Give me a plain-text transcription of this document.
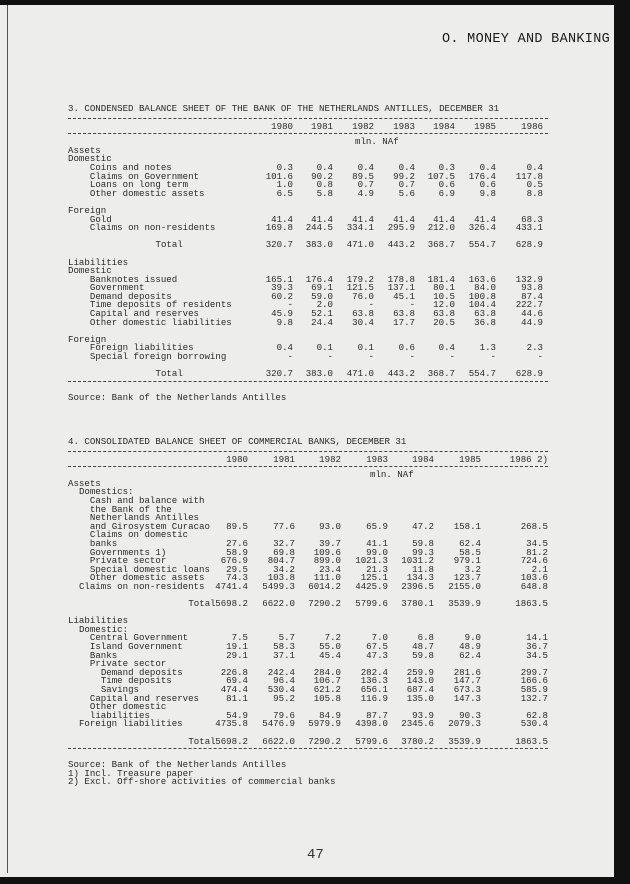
O. MONEY AND BANKING
3. CONDENSED BALANCE SHEET OF THE BANK OF THE NETHERLANDS ANTILLES, DECEMBER 31
1980	1981	1982	1983	1984	1985	1986

mln. NAf

Assets
Domestic
Coins and notes	0.3	0.4	0.4	0.4	0.3	0.4	0.4
Claims on Government	101.6	90.2	89.5	99.2	107.5	176.4	117.8
Loans on long term	1.0	0.8	0.7	0.7	0.6	0.6	0.5
Other domestic assets	6.5	5.8	4.9	5.6	6.9	9.8	8.8
Foreign
Gold	41.4	41.4	41.4	41.4	41.4	41.4	68.3
Claims on non-residents	169.8	244.5	334.1	295.9	212.0	326.4	433.1
Total	320.7	383.0	471.0	443.2	368.7	554.7	628.9
Liabilities
Domestic
Banknotes issued	165.1	176.4	179.2	178.8	181.4	163.6	132.9
Government	39.3	69.1	121.5	137.1	80.1	84.0	93.8
Demand deposits	60.2	59.0	76.0	45.1	10.5	100.8	87.4
Time deposits of residents	-	2.0	-	-	12.0	104.4	222.7
Capital and reserves	45.9	52.1	63.8	63.8	63.8	63.8	44.6
Other domestic liabilities	9.8	24.4	30.4	17.7	20.5	36.8	44.9
Foreign
Foreign liabilities	0.4	0.1	0.1	0.6	0.4	1.3	2.3
Special foreign borrowing	-	-	-	-	-	-	-
Total	320.7	383.0	471.0	443.2	368.7	554.7	628.9
Source: Bank of the Netherlands Antilles
4. CONSOLIDATED BALANCE SHEET OF COMMERCIAL BANKS, DECEMBER 31
1980	1981	1982	1983	1984	1985	1986 2)

mln. NAf

Assets
Domestics:
Cash and balance with
the Bank of the
Netherlands Antilles
and Girosystem Curacao	89.5	77.6	93.0	65.9	47.2	158.1	268.5
Claims on domestic
banks	27.6	32.7	39.7	41.1	59.8	62.4	34.5
Governments 1)	58.9	69.8	109.6	99.0	99.3	58.5	81.2
Private sector	676.9	804.7	899.0	1021.3	1031.2	979.1	724.6
Special domestic loans	29.5	34.2	23.4	21.3	11.8	3.2	2.1
Other domestic assets	74.3	103.8	111.0	125.1	134.3	123.7	103.6
Claims on non-residents	4741.4	5499.3	6014.2	4425.9	2396.5	2155.0	648.8
Total 5698.2	6622.0	7290.2	5799.6	3780.1	3539.9	1863.5
Liabilities
Domestic:
Central Government	7.5	5.7	7.2	7.0	6.8	9.0	14.1
Island Government	19.1	58.3	55.0	67.5	48.7	48.9	36.7
Banks	29.1	37.1	45.4	47.3	59.8	62.4	34.5
Private sector
Demand deposits	226.8	242.4	284.0	282.4	259.9	281.6	299.7
Time deposits	69.4	96.4	106.7	136.3	143.0	147.7	166.6
Savings	474.4	530.4	621.2	656.1	687.4	673.3	585.9
Capital and reserves	81.1	95.2	105.8	116.9	135.0	147.3	132.7
Other domestic
liabilities	54.9	79.6	84.9	87.7	93.9	90.3	62.8
Foreign liabilities	4735.8	5476.9	5979.9	4398.0	2345.6	2079.3	530.4
Total 5698.2	6622.0	7290.2	5799.6	3780.2	3539.9	1863.5
Source: Bank of the Netherlands Antilles
1) Incl. Treasure paper
2) Excl. Off-shore activities of commercial banks
47
